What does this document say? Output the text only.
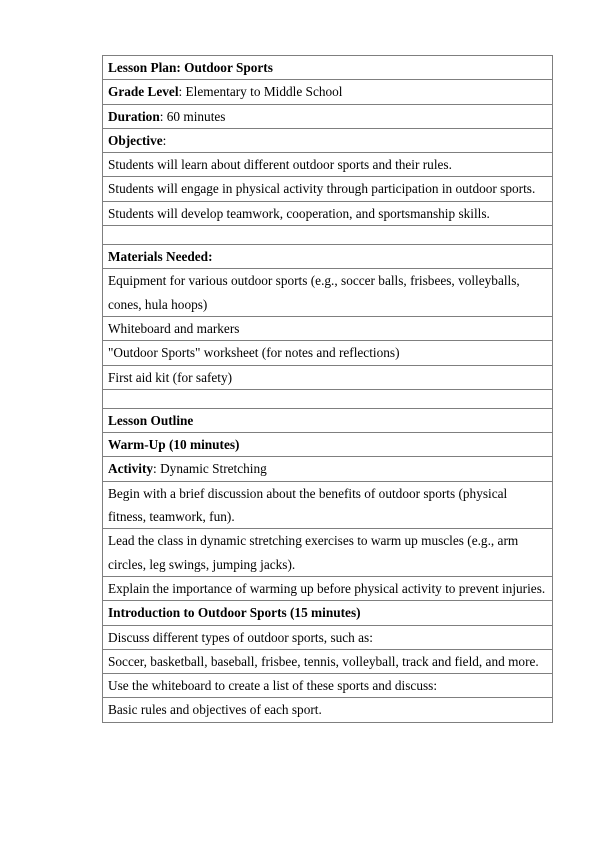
Lesson Plan: Outdoor Sports
Grade Level: Elementary to Middle School
Duration: 60 minutes
Objective:
Students will learn about different outdoor sports and their rules.
Students will engage in physical activity through participation in outdoor sports.
Students will develop teamwork, cooperation, and sportsmanship skills.

Materials Needed:
Equipment for various outdoor sports (e.g., soccer balls, frisbees, volleyballs, cones, hula hoops)
Whiteboard and markers
"Outdoor Sports" worksheet (for notes and reflections)
First aid kit (for safety)

Lesson Outline
Warm-Up (10 minutes)
Activity: Dynamic Stretching
Begin with a brief discussion about the benefits of outdoor sports (physical fitness, teamwork, fun).
Lead the class in dynamic stretching exercises to warm up muscles (e.g., arm circles, leg swings, jumping jacks).
Explain the importance of warming up before physical activity to prevent injuries.
Introduction to Outdoor Sports (15 minutes)
Discuss different types of outdoor sports, such as:
Soccer, basketball, baseball, frisbee, tennis, volleyball, track and field, and more.
Use the whiteboard to create a list of these sports and discuss:
Basic rules and objectives of each sport.
